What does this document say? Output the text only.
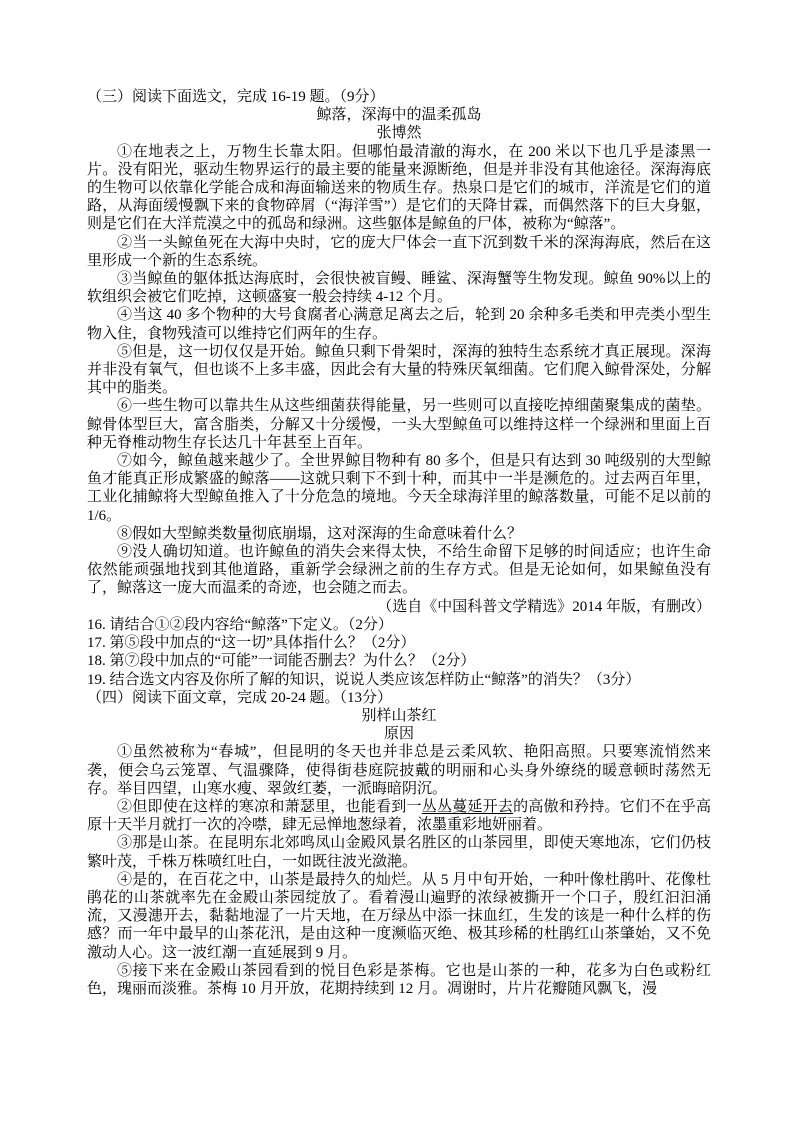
（三）阅读下面选文，完成 16-19 题。（9分）

鲸落，深海中的温柔孤岛

张博然

①在地表之上，万物生长靠太阳。但哪怕最清澈的海水，在 200 米以下也几乎是漆黑一片。没有阳光，驱动生物界运行的最主要的能量来源断绝，但是并非没有其他途径。深海海底的生物可以依靠化学能合成和海面输送来的物质生存。热泉口是它们的城市，洋流是它们的道路，从海面缓慢飘下来的食物碎屑（“海洋雪”）是它们的天降甘霖，而偶然落下的巨大身躯，则是它们在大洋荒漠之中的孤岛和绿洲。这些躯体是鲸鱼的尸体，被称为“鲸落”。

②当一头鲸鱼死在大海中央时，它的庞大尸体会一直下沉到数千米的深海海底，然后在这里形成一个新的生态系统。

③当鲸鱼的躯体抵达海底时，会很快被盲鳗、睡鲨、深海蟹等生物发现。鲸鱼 90%以上的软组织会被它们吃掉，这顿盛宴一般会持续 4-12 个月。

④当这 40 多个物种的大号食腐者心满意足离去之后，轮到 20 余种多毛类和甲壳类小型生物入住，食物残渣可以维持它们两年的生存。

⑤但是，这一切仅仅是开始。鲸鱼只剩下骨架时，深海的独特生态系统才真正展现。深海并非没有氧气，但也谈不上多丰盛，因此会有大量的特殊厌氧细菌。它们爬入鲸骨深处，分解其中的脂类。

⑥一些生物可以靠共生从这些细菌获得能量，另一些则可以直接吃掉细菌聚集成的菌垫。鲸骨体型巨大，富含脂类，分解又十分缓慢，一头大型鲸鱼可以维持这样一个绿洲和里面上百种无脊椎动物生存长达几十年甚至上百年。

⑦如今，鲸鱼越来越少了。全世界鲸目物种有 80 多个，但是只有达到 30 吨级别的大型鲸鱼才能真正形成繁盛的鲸落——这就只剩下不到十种，而其中一半是濒危的。过去两百年里，工业化捕鲸将大型鲸鱼推入了十分危急的境地。今天全球海洋里的鲸落数量，可能不足以前的 1/6。

⑧假如大型鲸类数量彻底崩塌，这对深海的生命意味着什么？

⑨没人确切知道。也许鲸鱼的消失会来得太快，不给生命留下足够的时间适应；也许生命依然能顽强地找到其他道路，重新学会绿洲之前的生存方式。但是无论如何，如果鲸鱼没有了，鲸落这一庞大而温柔的奇迹，也会随之而去。

（选自《中国科普文学精选》2014 年版，有删改）

16. 请结合①②段内容给“鲸落”下定义。（2分）

17. 第⑤段中加点的“这一切”具体指什么？（2分）

18. 第⑦段中加点的“可能”一词能否删去？为什么？（2分）

19. 结合选文内容及你所了解的知识，说说人类应该怎样防止“鲸落”的消失？（3分）

（四）阅读下面文章，完成 20-24 题。（13分）

别样山茶红

原因

①虽然被称为“春城”，但昆明的冬天也并非总是云柔风软、艳阳高照。只要寒流悄然来袭，便会乌云笼罩、气温骤降，使得街巷庭院披戴的明丽和心头身外缭绕的暖意顿时荡然无存。举目四望，山寒水瘦、翠敛红萎，一派晦暗阴沉。

②但即使在这样的寒凉和萧瑟里，也能看到一丛丛蔓延开去的高傲和矜持。它们不在乎高原十天半月就打一次的冷噤，肆无忌惮地葱绿着，浓墨重彩地妍丽着。

③那是山茶。在昆明东北郊鸣凤山金殿风景名胜区的山茶园里，即使天寒地冻，它们仍枝繁叶茂，千株万株喷红吐白，一如既往波光潋滟。

④是的，在百花之中，山茶是最持久的灿烂。从 5 月中旬开始，一种叶像杜鹃叶、花像杜鹃花的山茶就率先在金殿山茶园绽放了。看着漫山遍野的浓绿被撕开一个口子，殷红汩汩涌流，又漫漶开去，黏黏地湿了一片天地，在万绿丛中添一抹血红，生发的该是一种什么样的伤感？而一年中最早的山茶花汛，是由这种一度濒临灭绝、极其珍稀的杜鹃红山茶肇始，又不免激动人心。这一波红潮一直延展到 9 月。

⑤接下来在金殿山茶园看到的悦目色彩是茶梅。它也是山茶的一种，花多为白色或粉红色，瑰丽而淡雅。茶梅 10 月开放，花期持续到 12 月。凋谢时，片片花瓣随风飘飞，漫
